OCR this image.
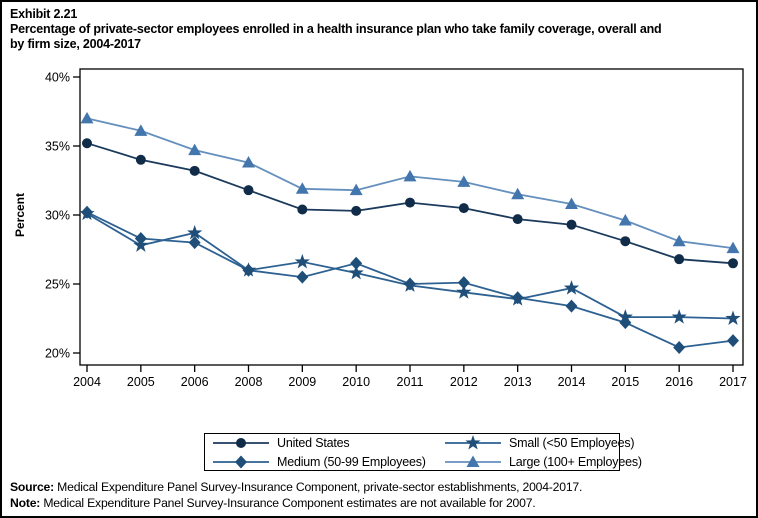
Exhibit 2.21
Percentage of private-sector employees enrolled in a health insurance plan who take family coverage, overall and
by firm size, 2004-2017
20%
25%
30%
35%
40%
2004 2005 2006 2008 2009 2010 2011 2012 2013 2014 2015 2016 2017
Percent
United States	Small (<50 Employees)
Medium (50-99 Employees)	Large (100+ Employees)
Source: Medical Expenditure Panel Survey-Insurance Component, private-sector establishments, 2004-2017.
Note: Medical Expenditure Panel Survey-Insurance Component estimates are not available for 2007.
